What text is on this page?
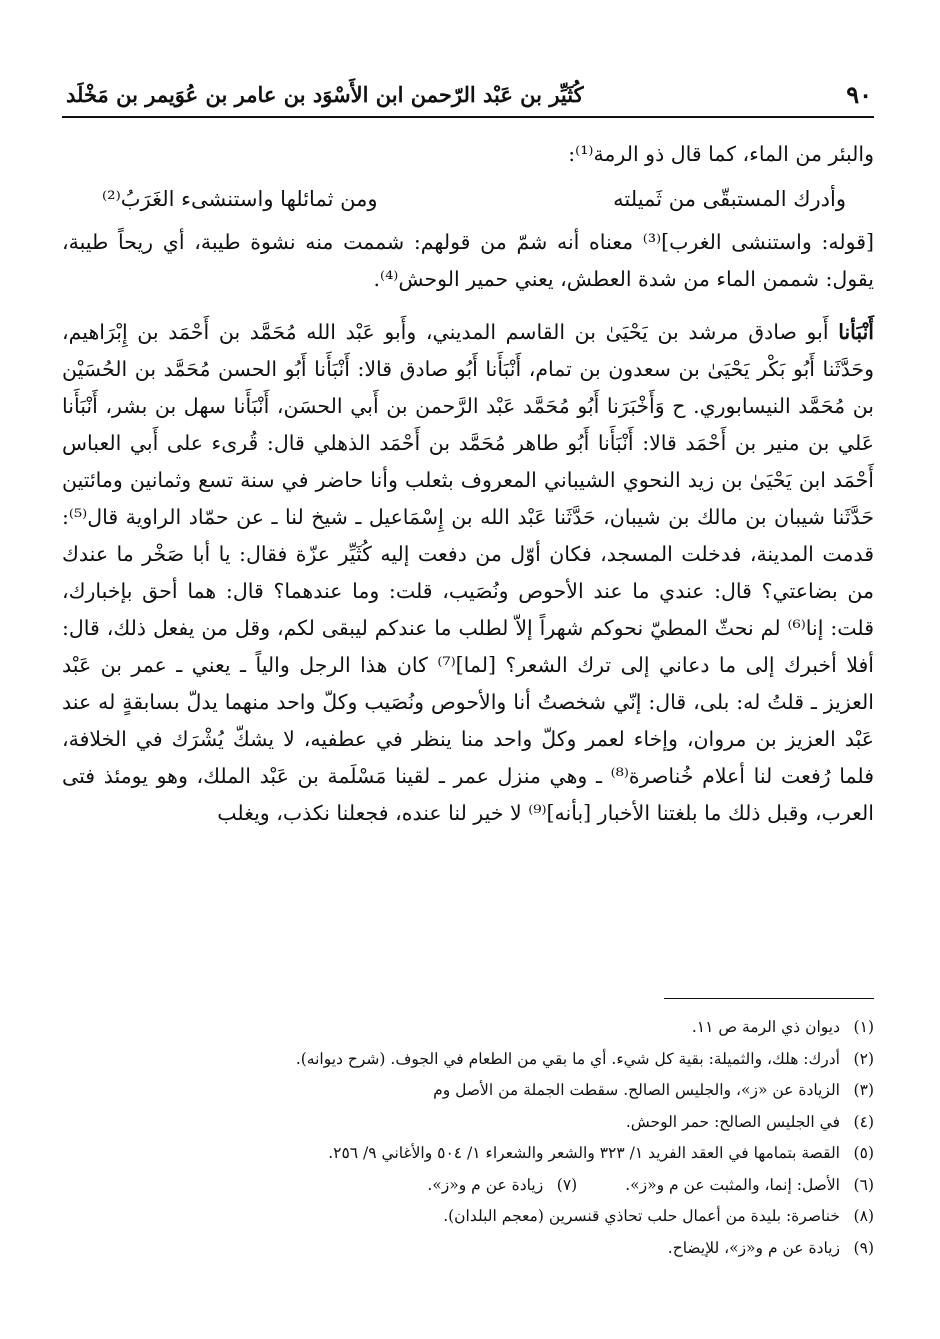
٩٠
كُثَيِّر بن عَبْد الرّحمن ابن الأَسْوَد بن عامر بن عُوَيمر بن مَخْلَد

والبئر من الماء، كما قال ذو الرمة⁽¹⁾:

وأدرك المستبقّى من ثَميلته
ومن ثمائلها واستنشىء الغَرَبُ⁽²⁾

[قوله: واستنشى الغرب]⁽³⁾ معناه أنه شمّ من قولهم: شممت منه نشوة طيبة، أي ريحاً طيبة، يقول: شممن الماء من شدة العطش، يعني حمير الوحش⁽⁴⁾.

أَنْبَأنا أَبو صادق مرشد بن يَحْيَىٰ بن القاسم المديني، وأَبو عَبْد الله مُحَمَّد بن أَحْمَد بن إِبْرَاهيم، وحَدَّثَنا أَبُو بَكْر يَحْيَىٰ بن سعدون بن تمام، أَنْبَأَنا أَبُو صادق قالا: أَنْبَأَنا أَبُو الحسن مُحَمَّد بن الحُسَيْن بن مُحَمَّد النيسابوري. ح وَأَخْبَرَنا أَبُو مُحَمَّد عَبْد الرَّحمن بن أَبي الحسَن، أَنْبَأَنا سهل بن بشر، أَنْبَأَنا عَلي بن منير بن أَحْمَد قالا: أَنْبَأَنا أَبُو طاهر مُحَمَّد بن أَحْمَد الذهلي قال: قُرىء على أَبي العباس أَحْمَد ابن يَحْيَىٰ بن زيد النحوي الشيباني المعروف بثعلب وأنا حاضر في سنة تسع وثمانين ومائتين حَدَّثَنا شيبان بن مالك بن شيبان، حَدَّثَنا عَبْد الله بن إِسْمَاعيل ـ شيخ لنا ـ عن حمّاد الراوية قال⁽⁵⁾: قدمت المدينة، فدخلت المسجد، فكان أوّل من دفعت إليه كُثَيِّر عزّة فقال: يا أبا صَخْر ما عندك من بضاعتي؟ قال: عندي ما عند الأحوص ونُصَيب، قلت: وما عندهما؟ قال: هما أحق بإخبارك، قلت: إنا⁽⁶⁾ لم نحثّ المطيّ نحوكم شهراً إلاّ لطلب ما عندكم ليبقى لكم، وقل من يفعل ذلك، قال: أفلا أخبرك إلى ما دعاني إلى ترك الشعر؟ [لما]⁽⁷⁾ كان هذا الرجل والياً ـ يعني ـ عمر بن عَبْد العزيز ـ قلتُ له: بلى، قال: إنّي شخصتُ أنا والأحوص ونُصَيب وكلّ واحد منهما يدلّ بسابقةٍ له عند عَبْد العزيز بن مروان، وإخاء لعمر وكلّ واحد منا ينظر في عطفيه، لا يشكّ يُشْرَك في الخلافة، فلما رُفعت لنا أعلام خُناصرة⁽⁸⁾ ـ وهي منزل عمر ـ لقينا مَسْلَمة بن عَبْد الملك، وهو يومئذ فتى العرب، وقبل ذلك ما بلغتنا الأخبار [بأنه]⁽⁹⁾ لا خير لنا عنده، فجعلنا نكذب، ويغلب

(١)
ديوان ذي الرمة ص ١١.
(٢)
أدرك: هلك، والثميلة: بقية كل شيء. أي ما بقي من الطعام في الجوف. (شرح ديوانه).
(٣)
الزيادة عن «ز»، والجليس الصالح. سقطت الجملة من الأصل وم
(٤)
في الجليس الصالح: حمر الوحش.
(٥)
القصة بتمامها في العقد الفريد ١/ ٣٢٣ والشعر والشعراء ١/ ٥٠٤ والأغاني ٩/ ٢٥٦.
(٦)
الأصل: إنما، والمثبت عن م و«ز».
(٧)
زيادة عن م و«ز».
(٨)
خناصرة: بليدة من أعمال حلب تحاذي قنسرين (معجم البلدان).
(٩)
زيادة عن م و«ز»، للإيضاح.
